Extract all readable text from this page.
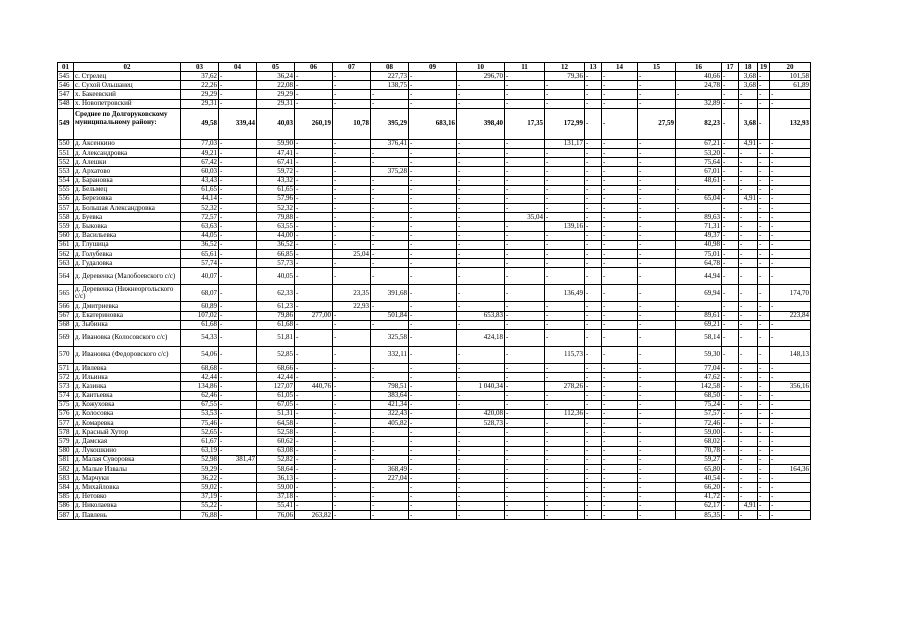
01	02	03	04	05	06	07	08	09	10	11	12	13	14	15	16	17	18	19	20
545	с. Стрелец	37,62	-	36,24	-	-	227,73	-	296,70	-	79,36	-	-	-	40,66	-	3,68	-	101,58
546	с. Сухой Ольшанец	22,26	-	22,08	-	-	138,75	-	-	-	-	-	-	-	24,78	-	3,68	-	61,89
547	х. Бакеевский	29,29	-	29,29	-	-	-	-	-	-	-	-	-	-	-	-	-	-	-
548	х. Новопетровский	29,31	-	29,31	-	-	-	-	-	-	-	-	-	-	32,89	-	-	-	-
549	Среднее по Долгоруковскому муниципальному району:	49,58	339,44	40,03	260,19	10,78	395,29	683,16	398,40	17,35	172,99	-	-	27,59	82,23	-	3,68	-	132,93
550	д. Аксенкино	77,03	-	59,90	-	-	376,41	-	-	-	131,17	-	-	-	67,21	-	4,91	-	-
551	д. Александровка	49,21	-	47,41	-	-	-	-	-	-	-	-	-	-	53,20	-	-	-	-
552	д. Алешки	67,42	-	67,41	-	-	-	-	-	-	-	-	-	-	75,64	-	-	-	-
553	д. Архатово	60,03	-	59,72	-	-	375,28	-	-	-	-	-	-	-	67,01	-	-	-	-
554	д. Барановка	43,43	-	43,32	-	-	-	-	-	-	-	-	-	-	48,61	-	-	-	-
555	д. Бельмец	61,65	-	61,65	-	-	-	-	-	-	-	-	-	-	-	-	-	-	-
556	д. Березовка	44,14	-	57,96	-	-	-	-	-	-	-	-	-	-	65,04	-	4,91	-	-
557	д. Большая Александровка	52,32	-	52,32	-	-	-	-	-	-	-	-	-	-	-	-	-	-	-
558	д. Буевка	72,57	-	79,88	-	-	-	-	-	35,04	-	-	-	-	89,63	-	-	-	-
559	д. Быковка	63,63	-	63,55	-	-	-	-	-	-	139,16	-	-	-	71,31	-	-	-	-
560	д. Васильевка	44,05	-	44,00	-	-	-	-	-	-	-	-	-	-	49,37	-	-	-	-
561	д. Глушица	36,52	-	36,52	-	-	-	-	-	-	-	-	-	-	40,98	-	-	-	-
562	д. Голубевка	65,61	-	66,85	-	25,04	-	-	-	-	-	-	-	-	75,01	-	-	-	-
563	д. Гудаловка	57,74	-	57,73	-	-	-	-	-	-	-	-	-	-	64,78	-	-	-	-
564	д. Деревенка (Малобоевского с/с)	40,07	-	40,05	-	-	-	-	-	-	-	-	-	-	44,94	-	-	-	-
565	д. Деревенка (Нижнеоргольского с/с)	68,07	-	62,33	-	23,35	391,68	-	-	-	136,49	-	-	-	69,94	-	-	-	174,70
566	д. Дмитриевка	60,89	-	61,23	-	22,93	-	-	-	-	-	-	-	-	-	-	-	-	-
567	д. Екатериновка	107,02	-	79,86	277,00	-	501,84	-	653,83	-	-	-	-	-	89,61	-	-	-	223,84
568	д. Зыбинка	61,68	-	61,68	-	-	-	-	-	-	-	-	-	-	69,21	-	-	-	-
569	д. Ивановка (Колосовского с/с)	54,33	-	51,81	-	-	325,58	-	424,18	-	-	-	-	-	58,14	-	-	-	-
570	д. Ивановка (Федоровского с/с)	54,06	-	52,85	-	-	332,11	-	-	-	115,73	-	-	-	59,30	-	-	-	148,13
571	д. Ивлевка	68,68	-	68,66	-	-	-	-	-	-	-	-	-	-	77,04	-	-	-	-
572	д. Ильинка	42,44	-	42,44	-	-	-	-	-	-	-	-	-	-	47,62	-	-	-	-
573	д. Казинка	134,86	-	127,07	440,76	-	798,51	-	1 040,34	-	278,26	-	-	-	142,58	-	-	-	356,16
574	д. Кантьевка	62,46	-	61,05	-	-	383,64	-	-	-	-	-	-	-	68,50	-	-	-	-
575	д. Кожуховка	67,55	-	67,05	-	-	421,34	-	-	-	-	-	-	-	75,24	-	-	-	-
576	д. Колосовка	53,53	-	51,31	-	-	322,43	-	420,08	-	112,36	-	-	-	57,57	-	-	-	-
577	д. Комаревка	75,46	-	64,58	-	-	405,82	-	528,73	-	-	-	-	-	72,46	-	-	-	-
578	д. Красный Хутор	52,65	-	52,58	-	-	-	-	-	-	-	-	-	-	59,00	-	-	-	-
579	д. Дамская	61,67	-	60,62	-	-	-	-	-	-	-	-	-	-	68,02	-	-	-	-
580	д. Лукошкино	63,19	-	63,08	-	-	-	-	-	-	-	-	-	-	70,78	-	-	-	-
581	д. Малая Суворовка	52,98	381,47	52,82	-	-	-	-	-	-	-	-	-	-	59,27	-	-	-	-
582	д. Малые Извалы	59,29	-	58,64	-	-	368,49	-	-	-	-	-	-	-	65,80	-	-	-	164,36
583	д. Марчуки	36,22	-	36,13	-	-	227,04	-	-	-	-	-	-	-	40,54	-	-	-	-
584	д. Михайловка	59,02	-	59,00	-	-	-	-	-	-	-	-	-	-	66,20	-	-	-	-
585	д. Нетовко	37,19	-	37,18	-	-	-	-	-	-	-	-	-	-	41,72	-	-	-	-
586	д. Николаевка	55,22	-	55,41	-	-	-	-	-	-	-	-	-	-	62,17	-	4,91	-	-
587	д. Павлень	76,88	-	76,06	263,82	-	-	-	-	-	-	-	-	-	85,35	-	-	-	-
